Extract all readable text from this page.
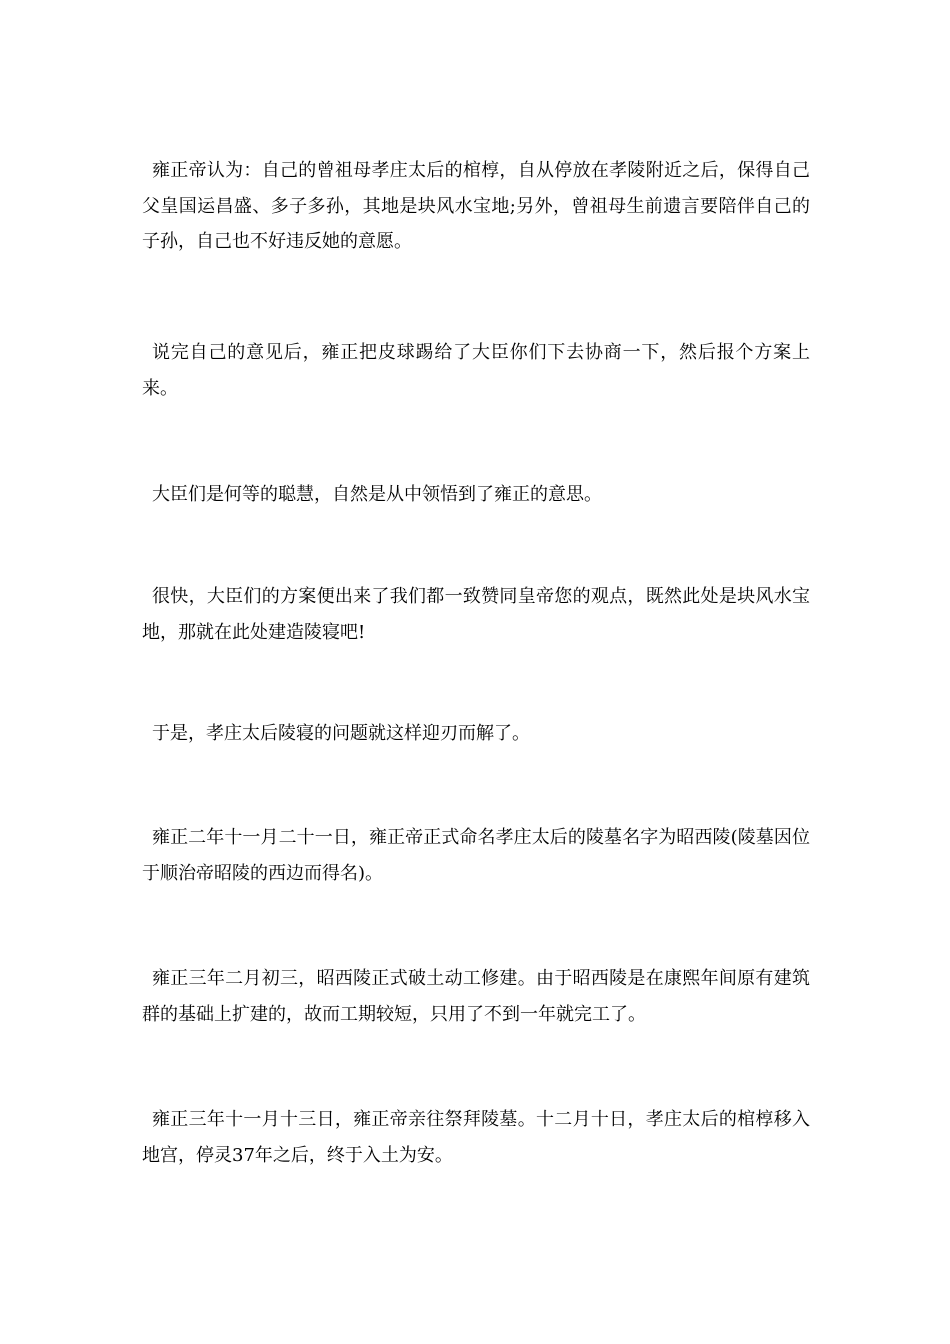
雍正帝认为：自己的曾祖母孝庄太后的棺椁，自从停放在孝陵附近之后，保得自己父皇国运昌盛、多子多孙，其地是块风水宝地;另外，曾祖母生前遗言要陪伴自己的子孙，自己也不好违反她的意愿。

说完自己的意见后，雍正把皮球踢给了大臣你们下去协商一下，然后报个方案上来。

大臣们是何等的聪慧，自然是从中领悟到了雍正的意思。

很快，大臣们的方案便出来了我们都一致赞同皇帝您的观点，既然此处是块风水宝地，那就在此处建造陵寝吧!

于是，孝庄太后陵寝的问题就这样迎刃而解了。

雍正二年十一月二十一日，雍正帝正式命名孝庄太后的陵墓名字为昭西陵(陵墓因位于顺治帝昭陵的西边而得名)。

雍正三年二月初三，昭西陵正式破土动工修建。由于昭西陵是在康熙年间原有建筑群的基础上扩建的，故而工期较短，只用了不到一年就完工了。

雍正三年十一月十三日，雍正帝亲往祭拜陵墓。十二月十日，孝庄太后的棺椁移入地宫，停灵37年之后，终于入土为安。
